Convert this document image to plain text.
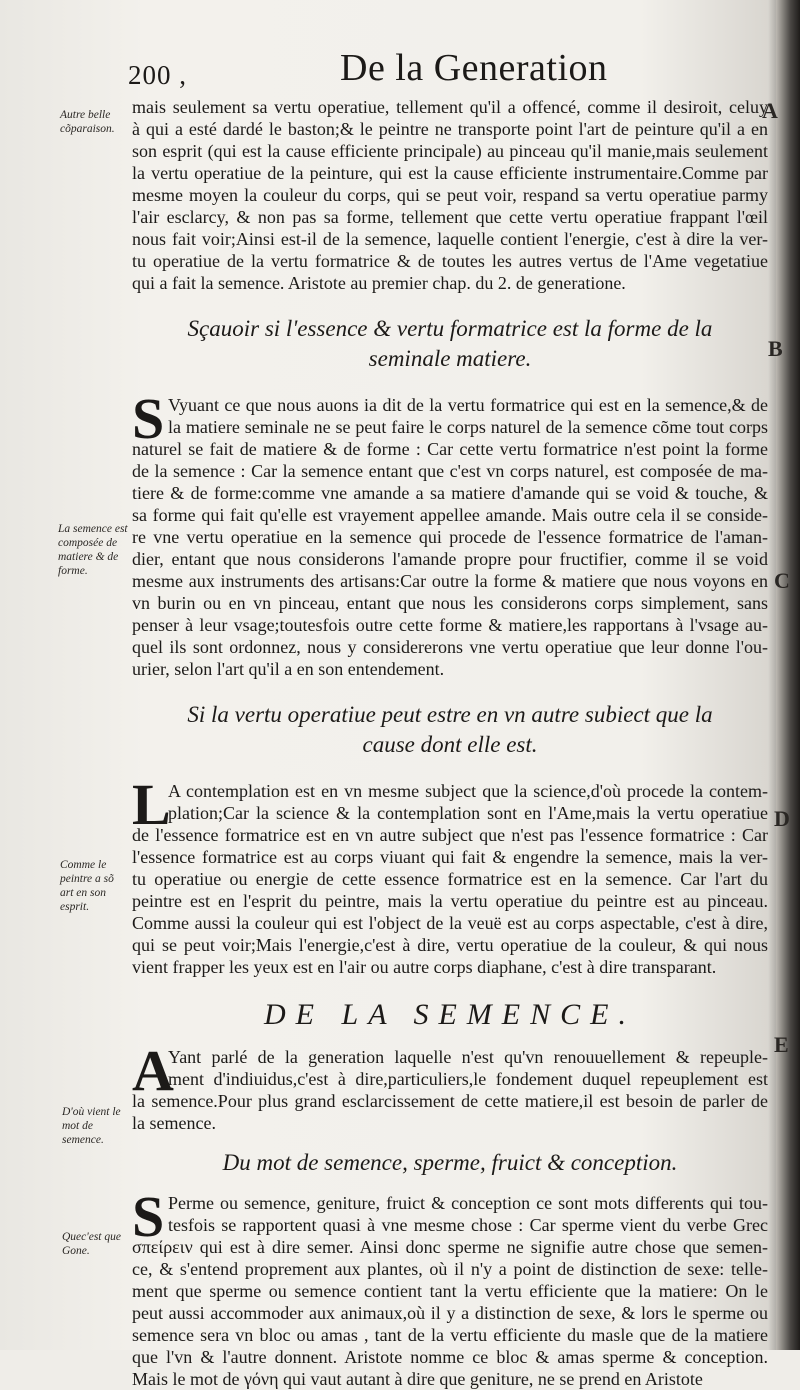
200 ,	De la Generation
Autre belle cõparaison.
La semence est composée de matiere & de forme.
Comme le peintre a sõ art en son esprit.
D'où vient le mot de semence.
Quec'est que Gone.
A
B
C
D
E

mais seulement sa vertu operatiue, tellement qu'il a offencé, comme il desiroit, celuy
à qui a esté dardé le baston;& le peintre ne transporte point l'art de peinture qu'il a en
son esprit (qui est la cause efficiente principale) au pinceau qu'il manie,mais seulement
la vertu operatiue de la peinture, qui est la cause efficiente instrumentaire.Comme par
mesme moyen la couleur du corps, qui se peut voir, respand sa vertu operatiue parmy
l'air esclarcy, & non pas sa forme, tellement que cette vertu operatiue frappant l'œil
nous fait voir;Ainsi est-il de la semence, laquelle contient l'energie, c'est à dire la ver-
tu operatiue de la vertu formatrice & de toutes les autres vertus de l'Ame vegetatiue
qui a fait la semence. Aristote au premier chap. du 2. de generatione.

Sçauoir si l'essence & vertu formatrice est la forme de la
seminale matiere.

S Vyuant ce que nous auons ia dit de la vertu formatrice qui est en la semence,& de
la matiere seminale ne se peut faire le corps naturel de la semence cõme tout corps
naturel se fait de matiere & de forme : Car cette vertu formatrice n'est point la forme
de la semence : Car la semence entant que c'est vn corps naturel, est composée de ma-
tiere & de forme:comme vne amande a sa matiere d'amande qui se void & touche, &
sa forme qui fait qu'elle est vrayement appellee amande. Mais outre cela il se conside-
re vne vertu operatiue en la semence qui procede de l'essence formatrice de l'aman-
dier, entant que nous considerons l'amande propre pour fructifier, comme il se void
mesme aux instruments des artisans:Car outre la forme & matiere que nous voyons en
vn burin ou en vn pinceau, entant que nous les considerons corps simplement, sans
penser à leur vsage;toutesfois outre cette forme & matiere,les rapportans à l'vsage au-
quel ils sont ordonnez, nous y considererons vne vertu operatiue que leur donne l'ou-
urier, selon l'art qu'il a en son entendement.

Si la vertu operatiue peut estre en vn autre subiect que la
cause dont elle est.

L

A contemplation est en vn mesme subject que la science,d'où procede la contem-
plation;Car la science & la contemplation sont en l'Ame,mais la vertu operatiue
de l'essence formatrice est en vn autre subject que n'est pas l'essence formatrice : Car
l'essence formatrice est au corps viuant qui fait & engendre la semence, mais la ver-
tu operatiue ou energie de cette essence formatrice est en la semence. Car l'art du
peintre est en l'esprit du peintre, mais la vertu operatiue du peintre est au pinceau.
Comme aussi la couleur qui est l'object de la veuë est au corps aspectable, c'est à dire,
qui se peut voir;Mais l'energie,c'est à dire, vertu operatiue de la couleur, & qui nous
vient frapper les yeux est en l'air ou autre corps diaphane, c'est à dire transparant.

DE LA SEMENCE.

A

Yant parlé de la generation laquelle n'est qu'vn renouuellement & repeuple-
ment d'indiuidus,c'est à dire,particuliers,le fondement duquel repeuplement est
la semence.Pour plus grand esclarcissement de cette matiere,il est besoin de parler de
la semence.

Du mot de semence, sperme, fruict & conception.

S Perme ou semence, geniture, fruict & conception ce sont mots differents qui tou-
tesfois se rapportent quasi à vne mesme chose : Car sperme vient du verbe Grec
σπείρειν qui est à dire semer. Ainsi donc sperme ne signifie autre chose que semen-
ce, & s'entend proprement aux plantes, où il n'y a point de distinction de sexe: telle-
ment que sperme ou semence contient tant la vertu efficiente que la matiere: On le
peut aussi accommoder aux animaux,où il y a distinction de sexe, & lors le sperme ou
semence sera vn bloc ou amas , tant de la vertu efficiente du masle que de la matiere
que l'vn & l'autre donnent. Aristote nomme ce bloc & amas sperme & conception.
Mais le mot de γόνη qui vaut autant à dire que geniture, ne se prend en Aristote
